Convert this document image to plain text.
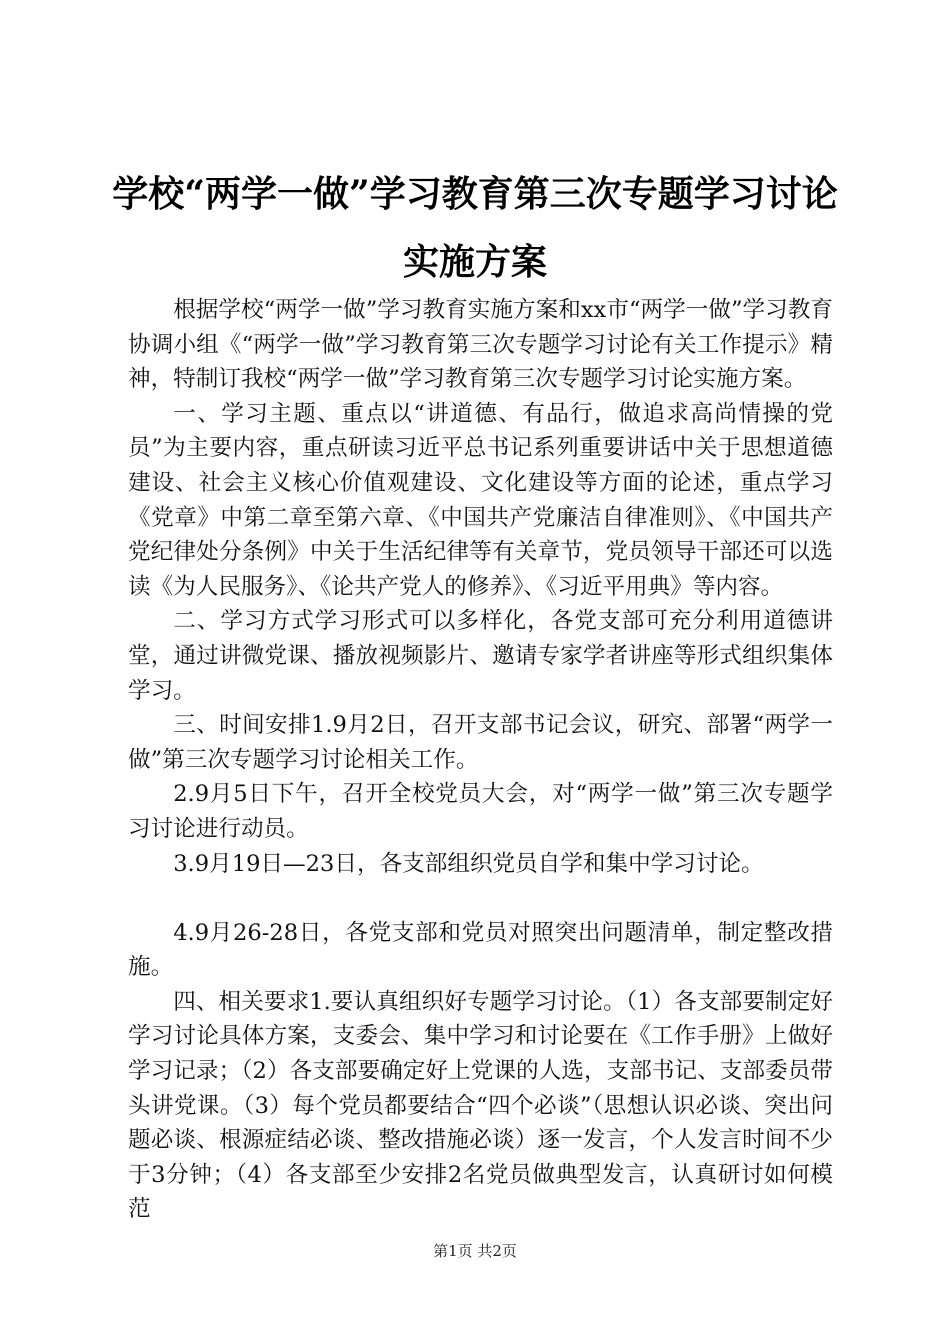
学校“两学一做”学习教育第三次专题学习讨论实施方案

根据学校“两学一做”学习教育实施方案和xx市“两学一做”学习教育协调小组《“两学一做”学习教育第三次专题学习讨论有关工作提示》精神，特制订我校“两学一做”学习教育第三次专题学习讨论实施方案。

一、学习主题、重点以“讲道德、有品行，做追求高尚情操的党员”为主要内容，重点研读习近平总书记系列重要讲话中关于思想道德建设、社会主义核心价值观建设、文化建设等方面的论述，重点学习《党章》中第二章至第六章、《中国共产党廉洁自律准则》、《中国共产党纪律处分条例》中关于生活纪律等有关章节，党员领导干部还可以选读《为人民服务》、《论共产党人的修养》、《习近平用典》等内容。

二、学习方式学习形式可以多样化，各党支部可充分利用道德讲堂，通过讲微党课、播放视频影片、邀请专家学者讲座等形式组织集体学习。

三、时间安排1.9月2日，召开支部书记会议，研究、部署“两学一做”第三次专题学习讨论相关工作。

2.9月5日下午，召开全校党员大会，对“两学一做”第三次专题学习讨论进行动员。

3.9月19日—23日，各支部组织党员自学和集中学习讨论。

4.9月26-28日，各党支部和党员对照突出问题清单，制定整改措施。

四、相关要求1.要认真组织好专题学习讨论。（1）各支部要制定好学习讨论具体方案，支委会、集中学习和讨论要在《工作手册》上做好学习记录；（2）各支部要确定好上党课的人选，支部书记、支部委员带头讲党课。（3）每个党员都要结合“四个必谈”（思想认识必谈、突出问题必谈、根源症结必谈、整改措施必谈）逐一发言，个人发言时间不少于3分钟；（4）各支部至少安排2名党员做典型发言，认真研讨如何模范

第1页 共2页
